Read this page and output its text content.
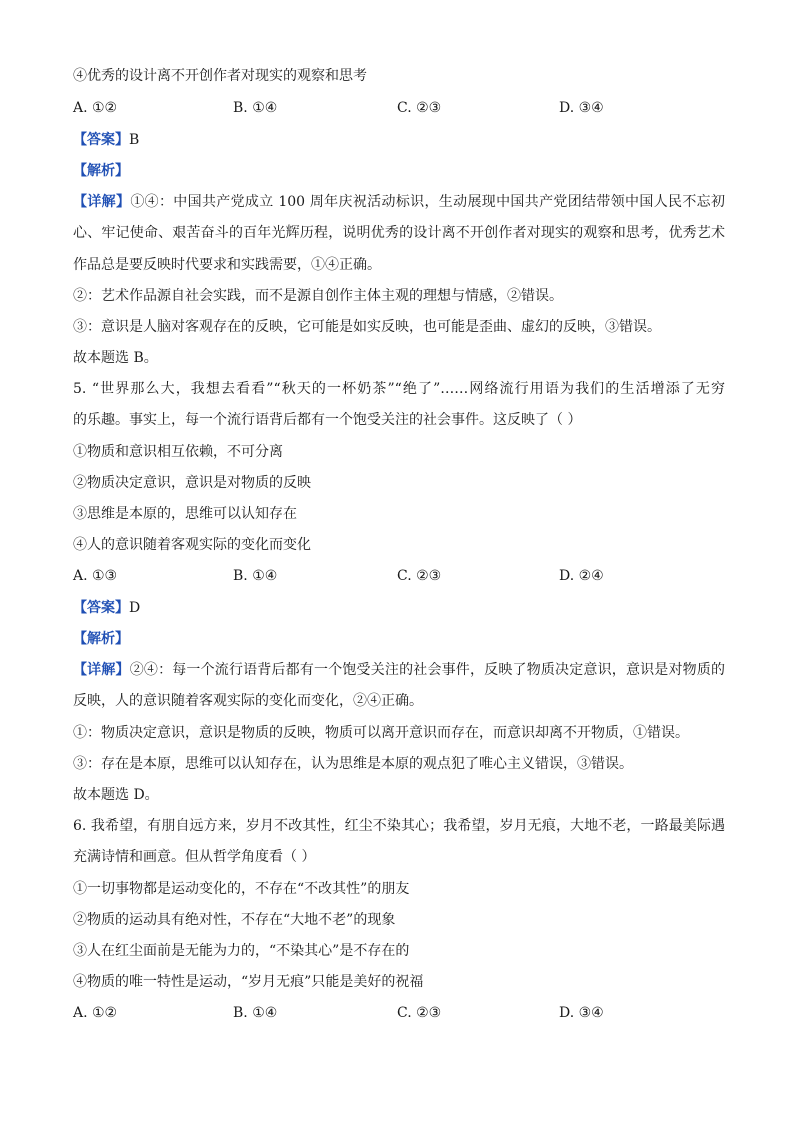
④优秀的设计离不开创作者对现实的观察和思考
A. ①②	B. ①④	C. ②③	D. ③④
【答案】B
【解析】
【详解】①④：中国共产党成立 100 周年庆祝活动标识，生动展现中国共产党团结带领中国人民不忘初
心、牢记使命、艰苦奋斗的百年光辉历程，说明优秀的设计离不开创作者对现实的观察和思考，优秀艺术
作品总是要反映时代要求和实践需要，①④正确。
②：艺术作品源自社会实践，而不是源自创作主体主观的理想与情感，②错误。
③：意识是人脑对客观存在的反映，它可能是如实反映，也可能是歪曲、虚幻的反映，③错误。
故本题选 B。
5. “世界那么大，我想去看看”“秋天的一杯奶茶”“绝了”……网络流行用语为我们的生活增添了无穷
的乐趣。事实上，每一个流行语背后都有一个饱受关注的社会事件。这反映了（ ）
①物质和意识相互依赖，不可分离
②物质决定意识，意识是对物质的反映
③思维是本原的，思维可以认知存在
④人的意识随着客观实际的变化而变化
A. ①③	B. ①④	C. ②③	D. ②④
【答案】D
【解析】
【详解】②④：每一个流行语背后都有一个饱受关注的社会事件，反映了物质决定意识，意识是对物质的
反映，人的意识随着客观实际的变化而变化，②④正确。
①：物质决定意识，意识是物质的反映，物质可以离开意识而存在，而意识却离不开物质，①错误。
③：存在是本原，思维可以认知存在，认为思维是本原的观点犯了唯心主义错误，③错误。
故本题选 D。
6. 我希望，有朋自远方来，岁月不改其性，红尘不染其心；我希望，岁月无痕，大地不老，一路最美际遇
充满诗情和画意。但从哲学角度看（ ）
①一切事物都是运动变化的，不存在“不改其性”的朋友
②物质的运动具有绝对性，不存在“大地不老”的现象
③人在红尘面前是无能为力的，“不染其心”是不存在的
④物质的唯一特性是运动，“岁月无痕”只能是美好的祝福
A. ①②	B. ①④	C. ②③	D. ③④
